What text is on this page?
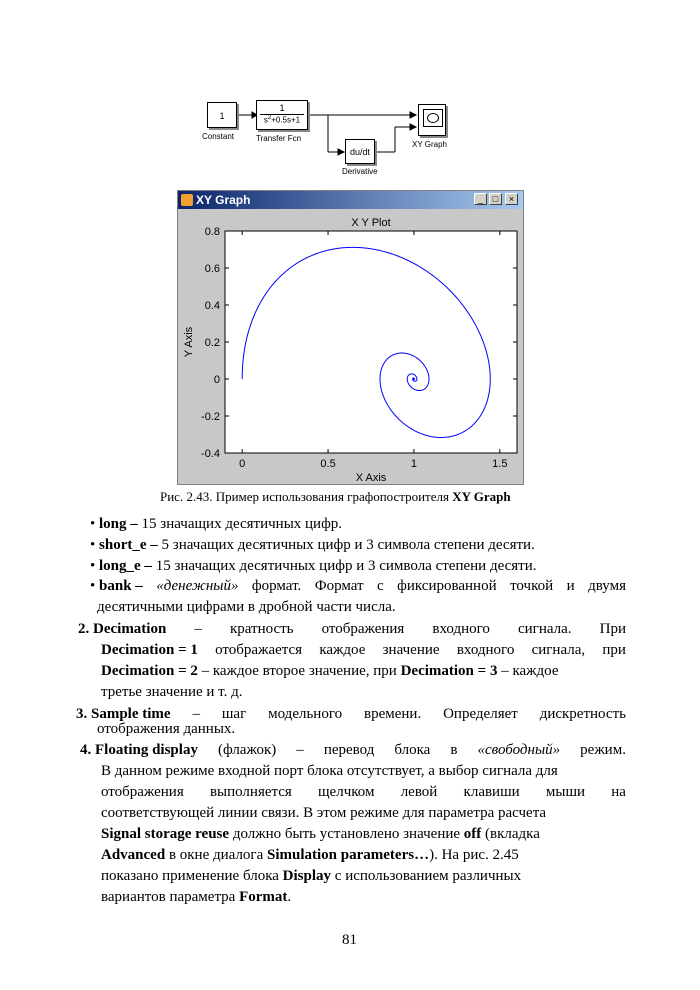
1
Constant
$\frac{1}{s^2+0.5s+1}$
Transfer Fcn
du/dt
Derivative
XY Graph
XY Graph	_	□	×
X Y Plot
0.8
0.6
0.4
0.2
0
-0.2
-0.4
0	0.5	1	1.5
X Axis
Y Axis
Рис. 2.43. Пример использования графопостроителя XY Graph
• long – 15 значащих десятичных цифр.
• short_e – 5 значащих десятичных цифр и 3 символа степени десяти.
• long_e – 15 значащих десятичных цифр и 3 символа степени десяти.
• bank – «денежный» формат. Формат с фиксированной точкой и двумя
десятичными цифрами в дробной части числа.
2. Decimation – кратность отображения входного сигнала. При
Decimation = 1 отображается каждое значение входного сигнала, при
Decimation = 2 – каждое второе значение, при Decimation = 3 – каждое
третье значение и т. д.
3. Sample time – шаг модельного времени. Определяет дискретность
отображения данных.
4. Floating display (флажок) – перевод блока в «свободный» режим.
В данном режиме входной порт блока отсутствует, а выбор сигнала для
отображения выполняется щелчком левой клавиши мыши на
соответствующей линии связи. В этом режиме для параметра расчета
Signal storage reuse должно быть установлено значение off (вкладка
Advanced в окне диалога Simulation parameters…). На рис. 2.45
показано применение блока Display с использованием различных
вариантов параметра Format.
81
